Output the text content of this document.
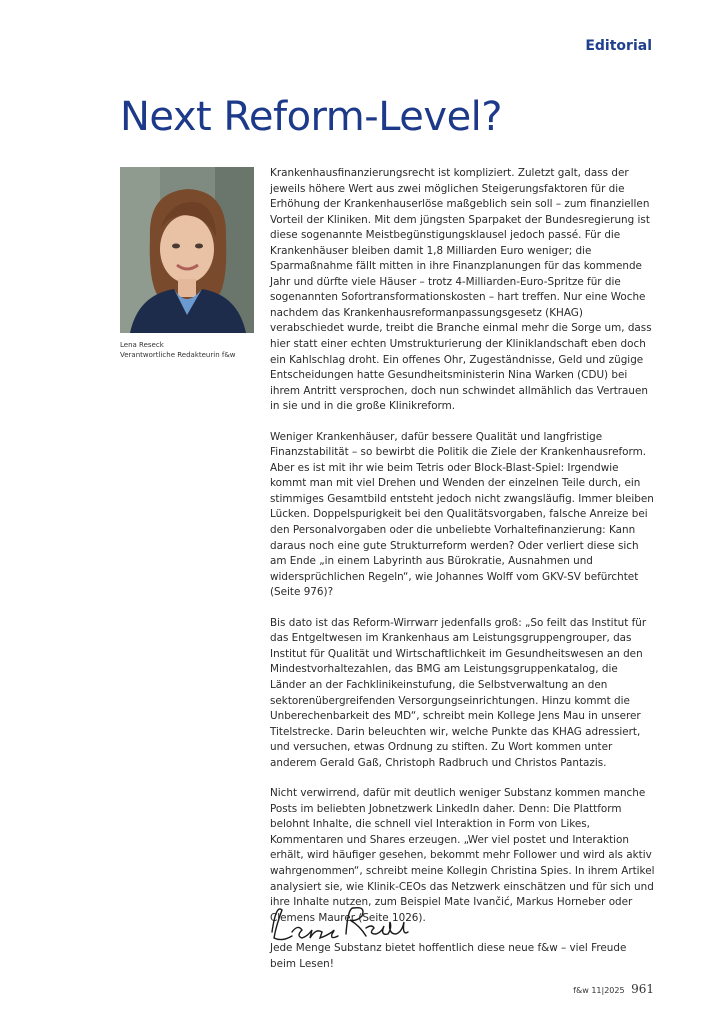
Editorial
Next Reform-Level?
Lena Reseck
Verantwortliche Redakteurin f&w

Krankenhausfinanzierungsrecht ist kompliziert. Zuletzt galt, dass der jeweils höhere Wert aus zwei möglichen Steigerungsfaktoren für die Erhöhung der Krankenhauserlöse maßgeblich sein soll – zum finanziellen Vorteil der Kliniken. Mit dem jüngsten Sparpaket der Bundesregierung ist diese sogenannte Meistbegünstigungsklausel jedoch passé. Für die Krankenhäuser bleiben damit 1,8 Milliarden Euro weniger; die Sparmaßnahme fällt mitten in ihre Finanzplanungen für das kommende Jahr und dürfte viele Häuser – trotz 4-Milliarden-Euro-Spritze für die sogenannten Sofortransformationskosten – hart treffen. Nur eine Woche nachdem das Krankenhausreformanpassungsgesetz (KHAG) verabschiedet wurde, treibt die Branche einmal mehr die Sorge um, dass hier statt einer echten Umstrukturierung der Kliniklandschaft eben doch ein Kahlschlag droht. Ein offenes Ohr, Zugeständnisse, Geld und zügige Entscheidungen hatte Gesundheitsministerin Nina Warken (CDU) bei ihrem Antritt versprochen, doch nun schwindet allmählich das Vertrauen in sie und in die große Klinikreform.

Weniger Krankenhäuser, dafür bessere Qualität und langfristige Finanzstabilität – so bewirbt die Politik die Ziele der Krankenhausreform. Aber es ist mit ihr wie beim Tetris oder Block-Blast-Spiel: Irgendwie kommt man mit viel Drehen und Wenden der einzelnen Teile durch, ein stimmiges Gesamtbild entsteht jedoch nicht zwangsläufig. Immer bleiben Lücken. Doppelspurigkeit bei den Qualitätsvorgaben, falsche Anreize bei den Personalvorgaben oder die unbeliebte Vorhaltefinanzierung: Kann daraus noch eine gute Strukturreform werden? Oder verliert diese sich am Ende „in einem Labyrinth aus Bürokratie, Ausnahmen und widersprüchlichen Regeln“, wie Johannes Wolff vom GKV-SV befürchtet (Seite 976)?

Bis dato ist das Reform-Wirrwarr jedenfalls groß: „So feilt das Institut für das Entgeltwesen im Krankenhaus am Leistungsgruppengrouper, das Institut für Qualität und Wirtschaftlichkeit im Gesundheitswesen an den Mindestvorhaltezahlen, das BMG am Leistungsgruppenkatalog, die Länder an der Fachklinikeinstufung, die Selbstverwaltung an den sektorenübergreifenden Versorgungseinrichtungen. Hinzu kommt die Unberechenbarkeit des MD“, schreibt mein Kollege Jens Mau in unserer Titelstrecke. Darin beleuchten wir, welche Punkte das KHAG adressiert, und versuchen, etwas Ordnung zu stiften. Zu Wort kommen unter anderem Gerald Gaß, Christoph Radbruch und Christos Pantazis.

Nicht verwirrend, dafür mit deutlich weniger Substanz kommen manche Posts im beliebten Jobnetzwerk LinkedIn daher. Denn: Die Plattform belohnt Inhalte, die schnell viel Interaktion in Form von Likes, Kommentaren und Shares erzeugen. „Wer viel postet und Interaktion erhält, wird häufiger gesehen, bekommt mehr Follower und wird als aktiv wahrgenommen“, schreibt meine Kollegin Christina Spies. In ihrem Artikel analysiert sie, wie Klinik-CEOs das Netzwerk einschätzen und für sich und ihre Inhalte nutzen, zum Beispiel Mate Ivančić, Markus Horneber oder Clemens Maurer (Seite 1026).

Jede Menge Substanz bietet hoffentlich diese neue f&w – viel Freude beim Lesen!

f&w 11|2025 961
